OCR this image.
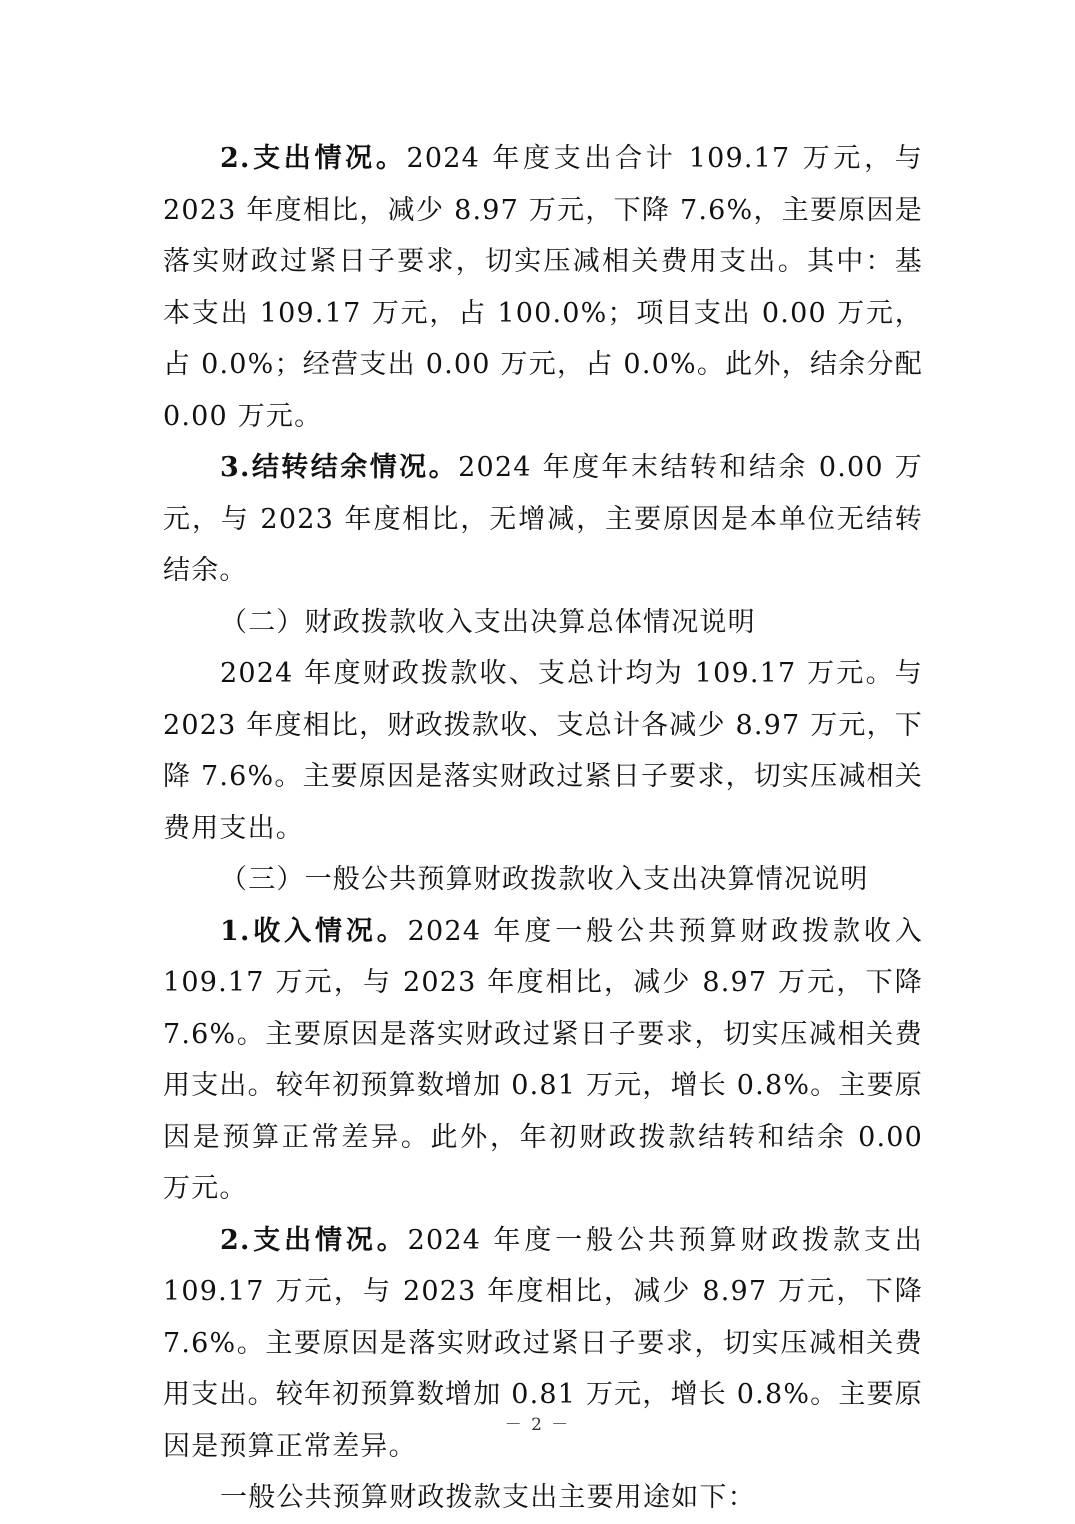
2.支出情况。2024 年度支出合计 109.17 万元，与 2023 年度相比，减少 8.97 万元，下降 7.6%，主要原因是落实财政过紧日子要求，切实压减相关费用支出。其中：基本支出 109.17 万元，占 100.0%；项目支出 0.00 万元，占 0.0%；经营支出 0.00 万元，占 0.0%。此外，结余分配 0.00 万元。

3.结转结余情况。2024 年度年末结转和结余 0.00 万元，与 2023 年度相比，无增减，主要原因是本单位无结转结余。

（二）财政拨款收入支出决算总体情况说明

2024 年度财政拨款收、支总计均为 109.17 万元。与 2023 年度相比，财政拨款收、支总计各减少 8.97 万元，下降 7.6%。主要原因是落实财政过紧日子要求，切实压减相关费用支出。

（三）一般公共预算财政拨款收入支出决算情况说明

1.收入情况。2024 年度一般公共预算财政拨款收入 109.17 万元，与 2023 年度相比，减少 8.97 万元，下降 7.6%。主要原因是落实财政过紧日子要求，切实压减相关费用支出。较年初预算数增加 0.81 万元，增长 0.8%。主要原因是预算正常差异。此外，年初财政拨款结转和结余 0.00 万元。

2.支出情况。2024 年度一般公共预算财政拨款支出 109.17 万元，与 2023 年度相比，减少 8.97 万元，下降 7.6%。主要原因是落实财政过紧日子要求，切实压减相关费用支出。较年初预算数增加 0.81 万元，增长 0.8%。主要原因是预算正常差异。

一般公共预算财政拨款支出主要用途如下：

－ 2 －
